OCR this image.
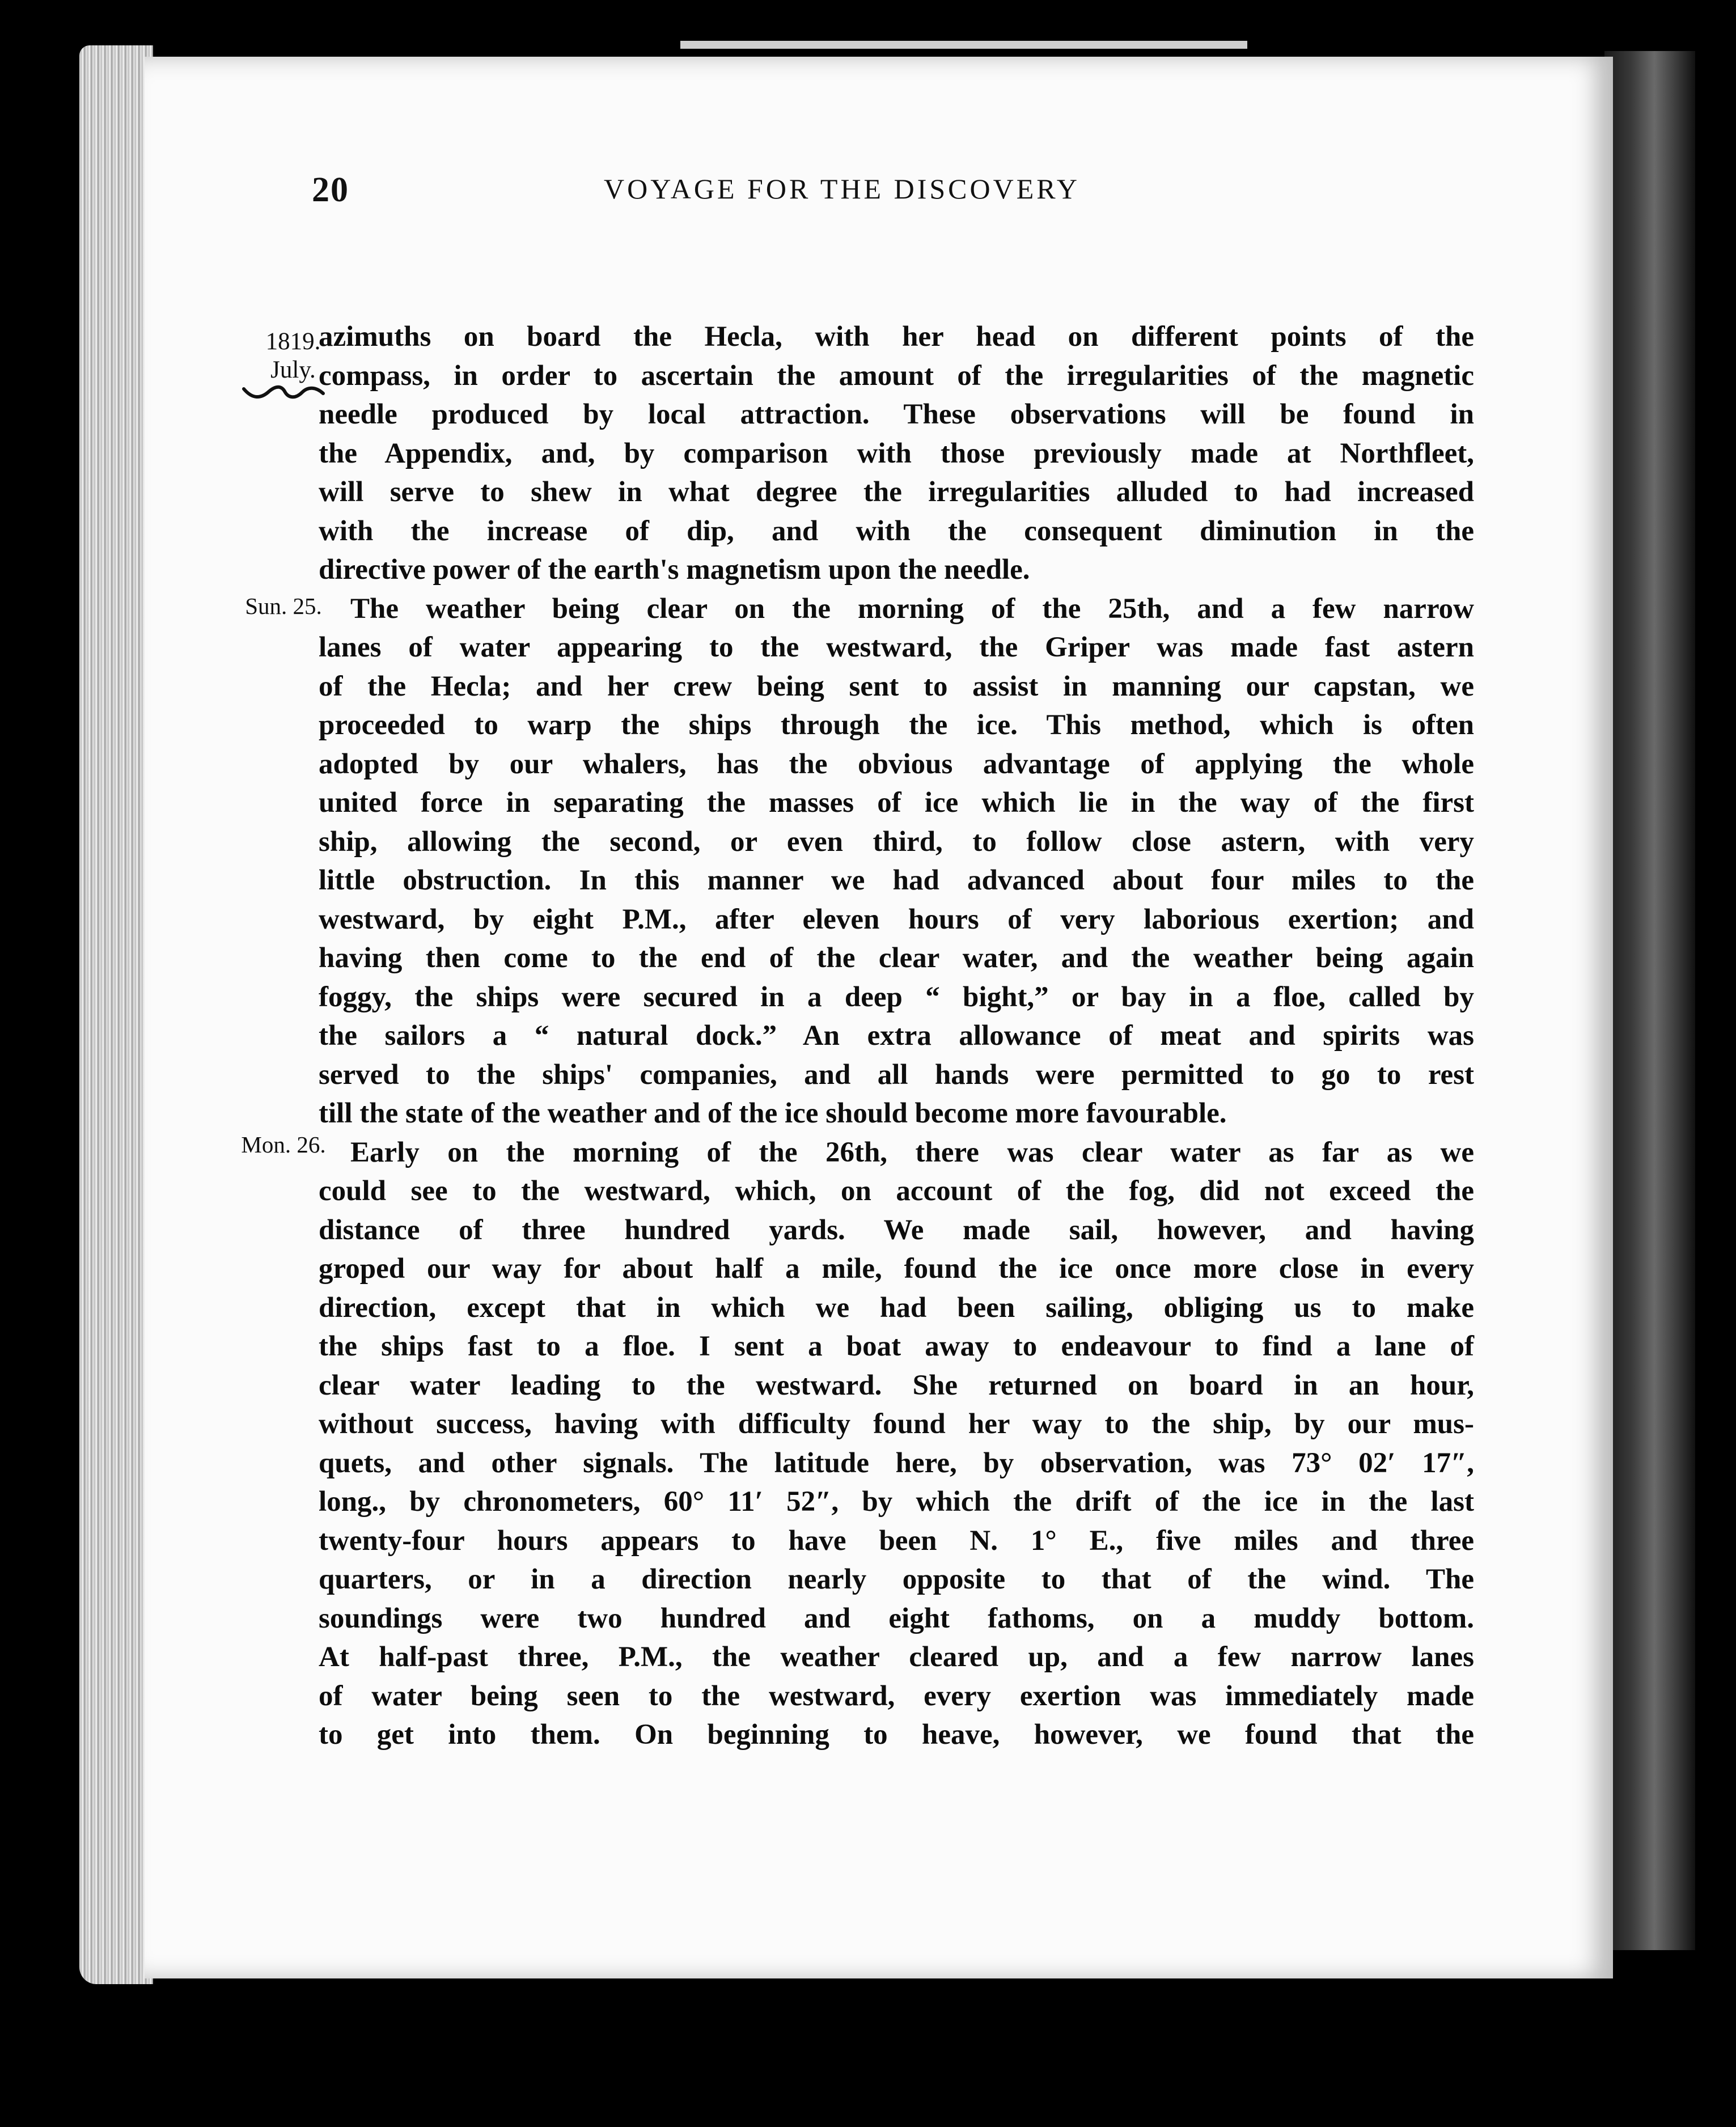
20	VOYAGE FOR THE DISCOVERY
1819.
July.
Sun. 25.
Mon. 26.
azimuths on board the Hecla, with her head on different points of the
compass, in order to ascertain the amount of the irregularities of the magnetic
needle produced by local attraction. These observations will be found in
the Appendix, and, by comparison with those previously made at Northfleet,
will serve to shew in what degree the irregularities alluded to had increased
with the increase of dip, and with the consequent diminution in the
directive power of the earth's magnetism upon the needle.
The weather being clear on the morning of the 25th, and a few narrow
lanes of water appearing to the westward, the Griper was made fast astern
of the Hecla; and her crew being sent to assist in manning our capstan, we
proceeded to warp the ships through the ice. This method, which is often
adopted by our whalers, has the obvious advantage of applying the whole
united force in separating the masses of ice which lie in the way of the first
ship, allowing the second, or even third, to follow close astern, with very
little obstruction. In this manner we had advanced about four miles to the
westward, by eight P.M., after eleven hours of very laborious exertion; and
having then come to the end of the clear water, and the weather being again
foggy, the ships were secured in a deep “ bight,” or bay in a floe, called by
the sailors a “ natural dock.” An extra allowance of meat and spirits was
served to the ships' companies, and all hands were permitted to go to rest
till the state of the weather and of the ice should become more favourable.
Early on the morning of the 26th, there was clear water as far as we
could see to the westward, which, on account of the fog, did not exceed the
distance of three hundred yards. We made sail, however, and having
groped our way for about half a mile, found the ice once more close in every
direction, except that in which we had been sailing, obliging us to make
the ships fast to a floe. I sent a boat away to endeavour to find a lane of
clear water leading to the westward. She returned on board in an hour,
without success, having with difficulty found her way to the ship, by our mus-
quets, and other signals. The latitude here, by observation, was 73° 02′ 17″,
long., by chronometers, 60° 11′ 52″, by which the drift of the ice in the last
twenty-four hours appears to have been N. 1° E., five miles and three
quarters, or in a direction nearly opposite to that of the wind. The
soundings were two hundred and eight fathoms, on a muddy bottom.
At half-past three, P.M., the weather cleared up, and a few narrow lanes
of water being seen to the westward, every exertion was immediately made
to get into them. On beginning to heave, however, we found that the
